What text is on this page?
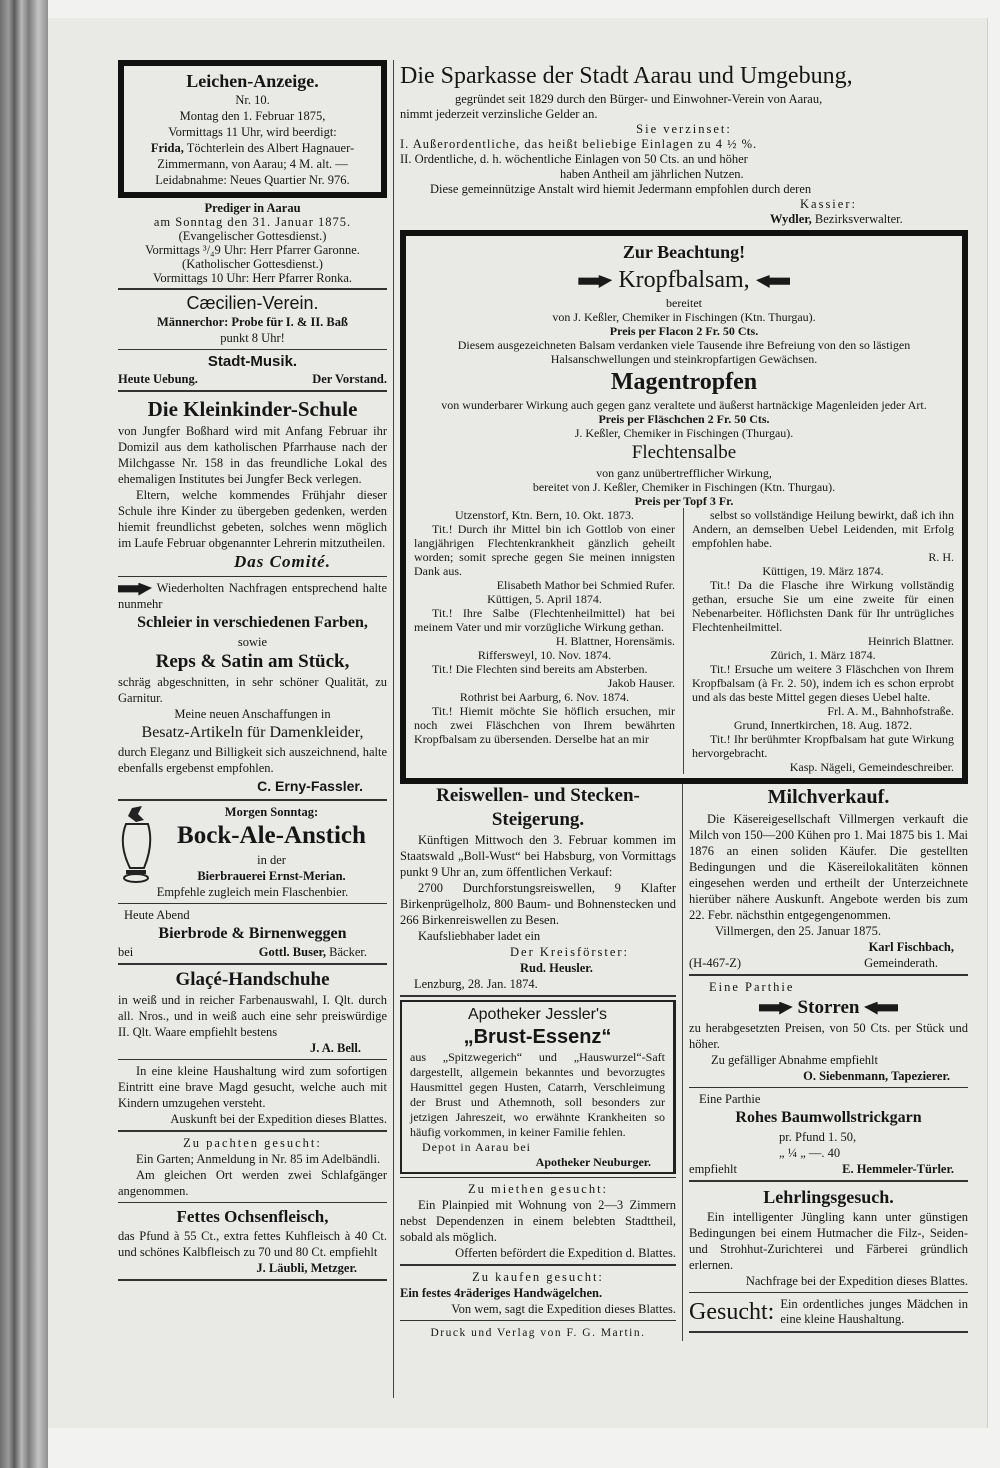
Leichen-Anzeige.
Nr. 10.
Montag den 1. Februar 1875,
Vormittags 11 Uhr, wird beerdigt:
Frida, Töchterlein des Albert Hagnauer-Zimmermann, von Aarau; 4 M. alt. — Leidabnahme: Neues Quartier Nr. 976.
Prediger in Aarau
am Sonntag den 31. Januar 1875.
(Evangelischer Gottesdienst.)
Vormittags ³/₄9 Uhr: Herr Pfarrer Garonne.
(Katholischer Gottesdienst.)
Vormittags 10 Uhr: Herr Pfarrer Ronka.
Cæcilien-Verein.
Männerchor: Probe für I. & II. Baß
punkt 8 Uhr!
Stadt-Musik.
Heute Uebung.	Der Vorstand.
Die Kleinkinder-Schule

von Jungfer Boßhard wird mit Anfang Februar ihr Domizil aus dem katholischen Pfarrhause nach der Milchgasse Nr. 158 in das freundliche Lokal des ehemaligen Institutes bei Jungfer Beck verlegen.

Eltern, welche kommendes Frühjahr dieser Schule ihre Kinder zu übergeben gedenken, werden hiemit freundlichst gebeten, solches wenn möglich im Laufe Februar obgenannter Lehrerin mitzutheilen.

Das Comité.

Wiederholten Nachfragen entsprechend halte nunmehr

Schleier in verschiedenen Farben,
sowie
Reps & Satin am Stück,

schräg abgeschnitten, in sehr schöner Qualität, zu Garnitur.

Meine neuen Anschaffungen in
Besatz-Artikeln für Damenkleider,

durch Eleganz und Billigkeit sich auszeichnend, halte ebenfalls ergebenst empfohlen.

C. Erny-Fassler.
Morgen Sonntag:
Bock-Ale-Anstich
in der
Bierbrauerei Ernst-Merian.
Empfehle zugleich mein Flaschenbier.
Heute Abend
Bierbrode & Birnenweggen
bei	Gottl. Buser, Bäcker.
Glaçé-Handschuhe

in weiß und in reicher Farbenauswahl, I. Qlt. durch all. Nros., und in weiß auch eine sehr preiswürdige II. Qlt. Waare empfiehlt bestens

J. A. Bell.

In eine kleine Haushaltung wird zum sofortigen Eintritt eine brave Magd gesucht, welche auch mit Kindern umzugehen versteht.

Auskunft bei der Expedition dieses Blattes.
Zu pachten gesucht:

Ein Garten; Anmeldung in Nr. 85 im Adelbändli.

Am gleichen Ort werden zwei Schlafgänger angenommen.

Fettes Ochsenfleisch,

das Pfund à 55 Ct., extra fettes Kuhfleisch à 40 Ct. und schönes Kalbfleisch zu 70 und 80 Ct. empfiehlt

J. Läubli, Metzger.
Die Sparkasse der Stadt Aarau und Umgebung,
gegründet seit 1829 durch den Bürger- und Einwohner-Verein von Aarau,
nimmt jederzeit verzinsliche Gelder an.
Sie verzinset:
I. Außerordentliche, das heißt beliebige Einlagen zu 4 ½ %.
II. Ordentliche, d. h. wöchentliche Einlagen von 50 Cts. an und höher
haben Antheil am jährlichen Nutzen.
Diese gemeinnützige Anstalt wird hiemit Jedermann empfohlen durch deren
Kassier:
Wydler, Bezirksverwalter.
Zur Beachtung!
Kropfbalsam,
bereitet
von J. Keßler, Chemiker in Fischingen (Ktn. Thurgau).
Preis per Flacon 2 Fr. 50 Cts.
Diesem ausgezeichneten Balsam verdanken viele Tausende ihre Befreiung von den so lästigen Halsanschwellungen und steinkropfartigen Gewächsen.
Magentropfen
von wunderbarer Wirkung auch gegen ganz veraltete und äußerst hartnäckige Magenleiden jeder Art.
Preis per Fläschchen 2 Fr. 50 Cts.
J. Keßler, Chemiker in Fischingen (Thurgau).
Flechtensalbe
von ganz unübertrefflicher Wirkung,
bereitet von J. Keßler, Chemiker in Fischingen (Ktn. Thurgau).
Preis per Topf 3 Fr.
Utzenstorf, Ktn. Bern, 10. Okt. 1873.
Tit.! Durch ihr Mittel bin ich Gottlob von einer langjährigen Flechtenkrankheit gänzlich geheilt worden; somit spreche gegen Sie meinen innigsten Dank aus.
Elisabeth Mathor bei Schmied Rufer.
Küttigen, 5. April 1874.
Tit.! Ihre Salbe (Flechtenheilmittel) hat bei meinem Vater und mir vorzügliche Wirkung gethan.
H. Blattner, Horensämis.
Riffersweyl, 10. Nov. 1874.
Tit.! Die Flechten sind bereits am Absterben.
Jakob Hauser.
Rothrist bei Aarburg, 6. Nov. 1874.
Tit.! Hiemit möchte Sie höflich ersuchen, mir noch zwei Fläschchen von Ihrem bewährten Kropfbalsam zu übersenden. Derselbe hat an mir
selbst so vollständige Heilung bewirkt, daß ich ihn Andern, an demselben Uebel Leidenden, mit Erfolg empfohlen habe.
R. H.
Küttigen, 19. März 1874.
Tit.! Da die Flasche ihre Wirkung vollständig gethan, ersuche Sie um eine zweite für einen Nebenarbeiter. Höflichsten Dank für Ihr untrügliches Flechtenheilmittel.
Heinrich Blattner.
Zürich, 1. März 1874.
Tit.! Ersuche um weitere 3 Fläschchen von Ihrem Kropfbalsam (à Fr. 2. 50), indem ich es schon erprobt und als das beste Mittel gegen dieses Uebel halte.
Frl. A. M., Bahnhofstraße.
Grund, Innertkirchen, 18. Aug. 1872.
Tit.! Ihr berühmter Kropfbalsam hat gute Wirkung hervorgebracht.
Kasp. Nägeli, Gemeindeschreiber.
Reiswellen- und Stecken-Steigerung.

Künftigen Mittwoch den 3. Februar kommen im Staatswald „Boll-Wust“ bei Habsburg, von Vormittags punkt 9 Uhr an, zum öffentlichen Verkauf:

2700 Durchforstungsreiswellen, 9 Klafter Birkenprügelholz, 800 Baum- und Bohnenstecken und 266 Birkenreiswellen zu Besen.

Kaufsliebhaber ladet ein

Der Kreisförster:
Rud. Heusler.
Lenzburg, 28. Jan. 1874.
Apotheker Jessler's
„Brust-Essenz“

aus „Spitzwegerich“ und „Hauswurzel“-Saft dargestellt, allgemein bekanntes und bevorzugtes Hausmittel gegen Husten, Catarrh, Verschleimung der Brust und Athemnoth, soll besonders zur jetzigen Jahreszeit, wo erwähnte Krankheiten so häufig vorkommen, in keiner Familie fehlen.

Depot in Aarau bei
Apotheker Neuburger.
Zu miethen gesucht:

Ein Plainpied mit Wohnung von 2—3 Zimmern nebst Dependenzen in einem belebten Stadttheil, sobald als möglich.

Offerten befördert die Expedition d. Blattes.
Zu kaufen gesucht:
Ein festes 4räderiges Handwägelchen.
Von wem, sagt die Expedition dieses Blattes.
Druck und Verlag von F. G. Martin.
Milchverkauf.

Die Käsereigesellschaft Villmergen verkauft die Milch von 150—200 Kühen pro 1. Mai 1875 bis 1. Mai 1876 an einen soliden Käufer. Die gestellten Bedingungen und die Käsereilokalitäten können eingesehen werden und ertheilt der Unterzeichnete hierüber nähere Auskunft. Angebote werden bis zum 22. Febr. nächsthin entgegengenommen.

Villmergen, den 25. Januar 1875.
Karl Fischbach,
(H-467-Z)	Gemeinderath.
Eine Parthie
Storren

zu herabgesetzten Preisen, von 50 Cts. per Stück und höher.

Zu gefälliger Abnahme empfiehlt
O. Siebenmann, Tapezierer.
Eine Parthie
Rohes Baumwollstrickgarn
pr. Pfund 1. 50,
„ ¼ „ —. 40
empfiehlt	E. Hemmeler-Türler.
Lehrlingsgesuch.

Ein intelligenter Jüngling kann unter günstigen Bedingungen bei einem Hutmacher die Filz-, Seiden- und Strohhut-Zurichterei und Färberei gründlich erlernen.

Nachfrage bei der Expedition dieses Blattes.
Gesucht: Ein ordentliches junges Mädchen in eine kleine Haushaltung.
